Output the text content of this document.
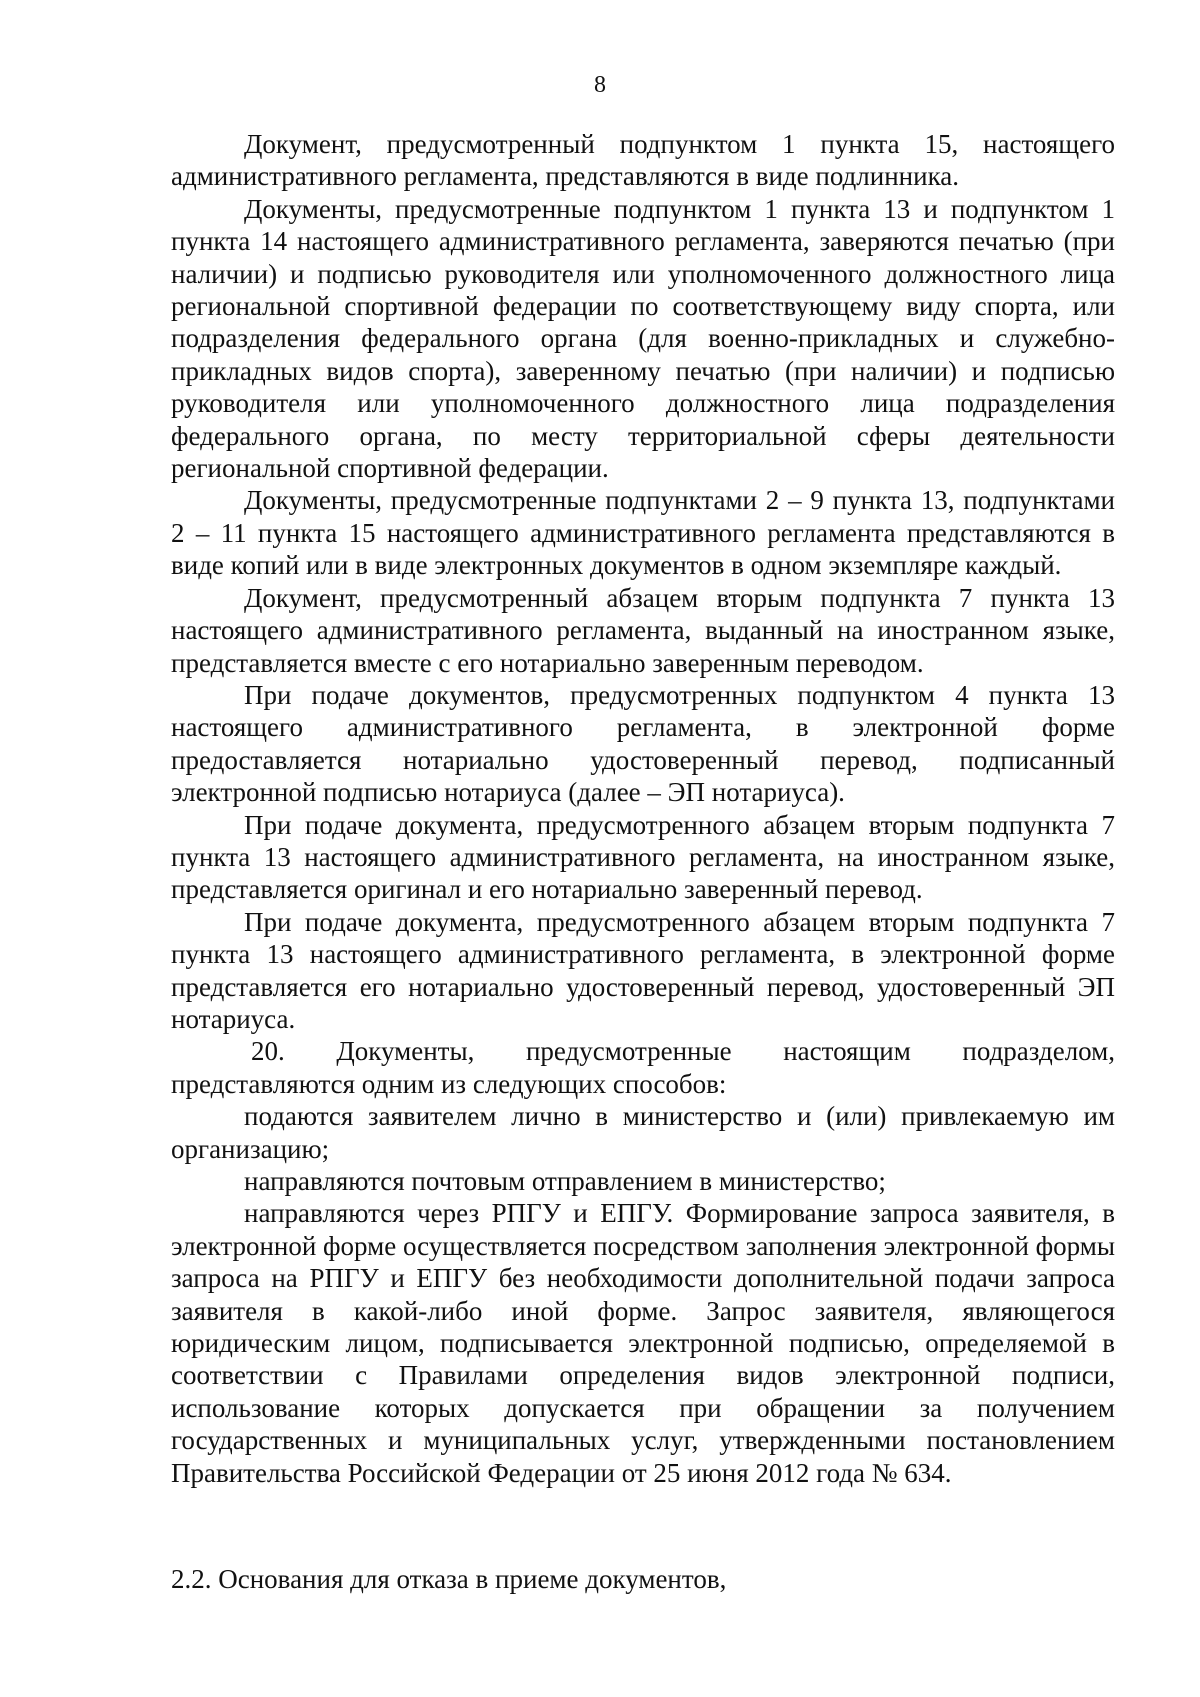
8

Документ, предусмотренный подпунктом 1 пункта 15, настоящего административного регламента, представляются в виде подлинника.

Документы, предусмотренные подпунктом 1 пункта 13 и подпунктом 1 пункта 14 настоящего административного регламента, заверяются печатью (при наличии) и подписью руководителя или уполномоченного должностного лица региональной спортивной федерации по соответствующему виду спорта, или подразделения федерального органа (для военно-прикладных и служебно-прикладных видов спорта), заверенному печатью (при наличии) и подписью руководителя или уполномоченного должностного лица подразделения федерального органа, по месту территориальной сферы деятельности региональной спортивной федерации.

Документы, предусмотренные подпунктами 2 – 9 пункта 13, подпунктами 2 – 11 пункта 15 настоящего административного регламента представляются в виде копий или в виде электронных документов в одном экземпляре каждый.

Документ, предусмотренный абзацем вторым подпункта 7 пункта 13 настоящего административного регламента, выданный на иностранном языке, представляется вместе с его нотариально заверенным переводом.

При подаче документов, предусмотренных подпунктом 4 пункта 13 настоящего административного регламента, в электронной форме предоставляется нотариально удостоверенный перевод, подписанный электронной подписью нотариуса (далее – ЭП нотариуса).

При подаче документа, предусмотренного абзацем вторым подпункта 7 пункта 13 настоящего административного регламента, на иностранном языке, представляется оригинал и его нотариально заверенный перевод.

При подаче документа, предусмотренного абзацем вторым подпункта 7 пункта 13 настоящего административного регламента, в электронной форме представляется его нотариально удостоверенный перевод, удостоверенный ЭП нотариуса.

20. Документы, предусмотренные настоящим подразделом, представляются одним из следующих способов:

подаются заявителем лично в министерство и (или) привлекаемую им организацию;

направляются почтовым отправлением в министерство;

направляются через РПГУ и ЕПГУ. Формирование запроса заявителя, в электронной форме осуществляется посредством заполнения электронной формы запроса на РПГУ и ЕПГУ без необходимости дополнительной подачи запроса заявителя в какой-либо иной форме. Запрос заявителя, являющегося юридическим лицом, подписывается электронной подписью, определяемой в соответствии с Правилами определения видов электронной подписи, использование которых допускается при обращении за получением государственных и муниципальных услуг, утвержденными постановлением Правительства Российской Федерации от 25 июня 2012 года № 634.

2.2. Основания для отказа в приеме документов,
